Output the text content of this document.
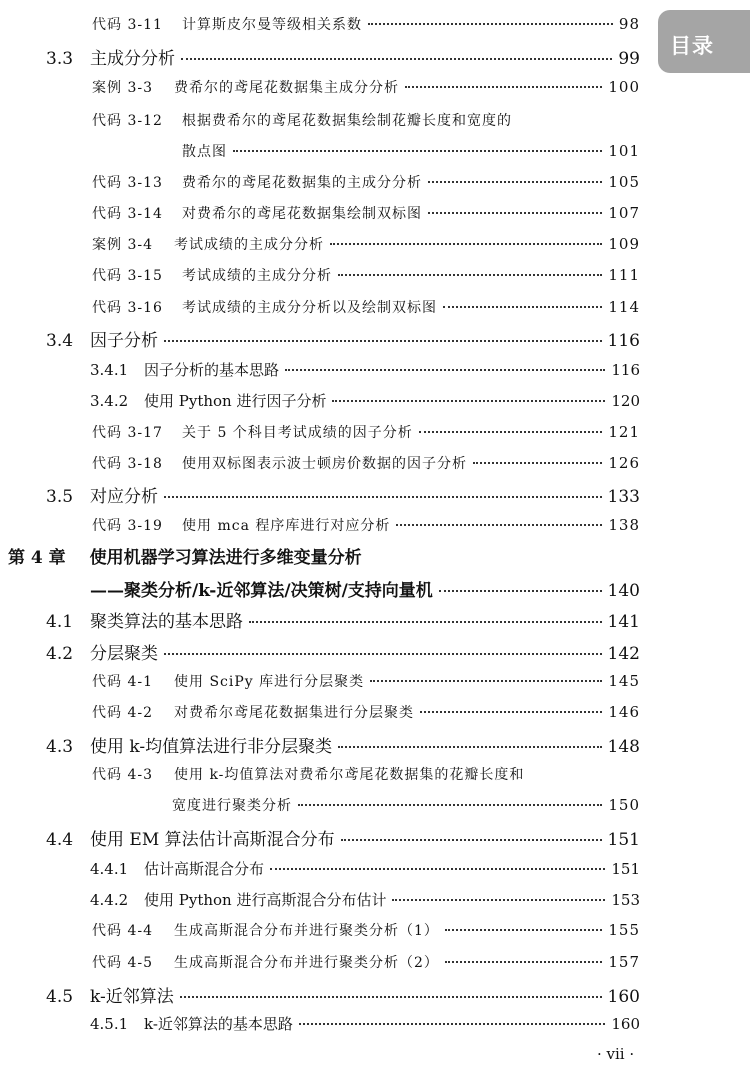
目录
代码 3-11	计算斯皮尔曼等级相关系数	98
3.3 主成分分析	99
案例 3-3	费希尔的鸢尾花数据集主成分分析	100
代码 3-12	根据费希尔的鸢尾花数据集绘制花瓣长度和宽度的
散点图	101
代码 3-13	费希尔的鸢尾花数据集的主成分分析	105
代码 3-14	对费希尔的鸢尾花数据集绘制双标图	107
案例 3-4	考试成绩的主成分分析	109
代码 3-15	考试成绩的主成分分析	111
代码 3-16	考试成绩的主成分分析以及绘制双标图	114
3.4 因子分析	116
3.4.1	因子分析的基本思路	116
3.4.2	使用 Python 进行因子分析	120
代码 3-17	关于 5 个科目考试成绩的因子分析	121
代码 3-18	使用双标图表示波士顿房价数据的因子分析	126
3.5 对应分析	133
代码 3-19	使用 mca 程序库进行对应分析	138
第 4 章 使用机器学习算法进行多维变量分析
——聚类分析/k-近邻算法/决策树/支持向量机	140
4.1 聚类算法的基本思路	141
4.2 分层聚类	142
代码 4-1	使用 SciPy 库进行分层聚类	145
代码 4-2	对费希尔鸢尾花数据集进行分层聚类	146
4.3 使用 k-均值算法进行非分层聚类	148
代码 4-3	使用 k-均值算法对费希尔鸢尾花数据集的花瓣长度和
宽度进行聚类分析	150
4.4 使用 EM 算法估计高斯混合分布	151
4.4.1	估计高斯混合分布	151
4.4.2	使用 Python 进行高斯混合分布估计	153
代码 4-4	生成高斯混合分布并进行聚类分析（1）	155
代码 4-5	生成高斯混合分布并进行聚类分析（2）	157
4.5 k-近邻算法	160
4.5.1	k-近邻算法的基本思路	160
· vii ·
